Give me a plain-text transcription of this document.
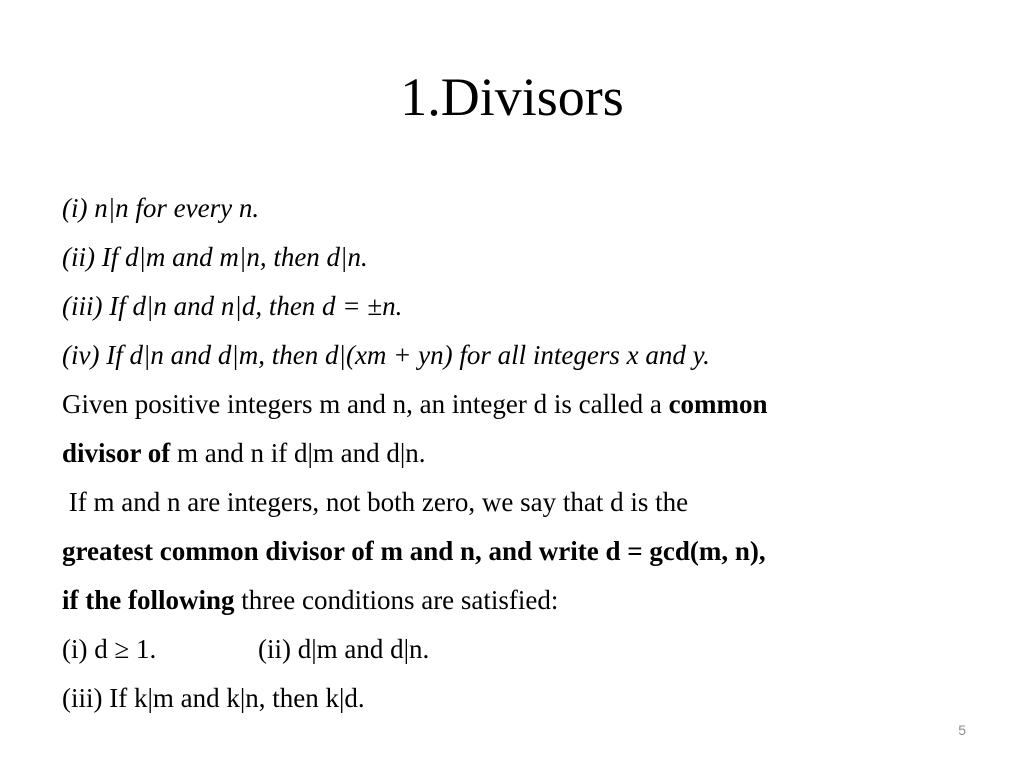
1.Divisors
(i) n|n for every n.
(ii) If d|m and m|n, then d|n.
(iii) If d|n and n|d, then d = ±n.
(iv) If d|n and d|m, then d|(xm + yn) for all integers x and y.
Given positive integers m and n, an integer d is called a common
divisor of m and n if d|m and d|n.
If m and n are integers, not both zero, we say that d is the
greatest common divisor of m and n, and write d = gcd(m, n),
if the following three conditions are satisfied:
(i) d ≥ 1.	(ii) d|m and d|n.
(iii) If k|m and k|n, then k|d.
5
